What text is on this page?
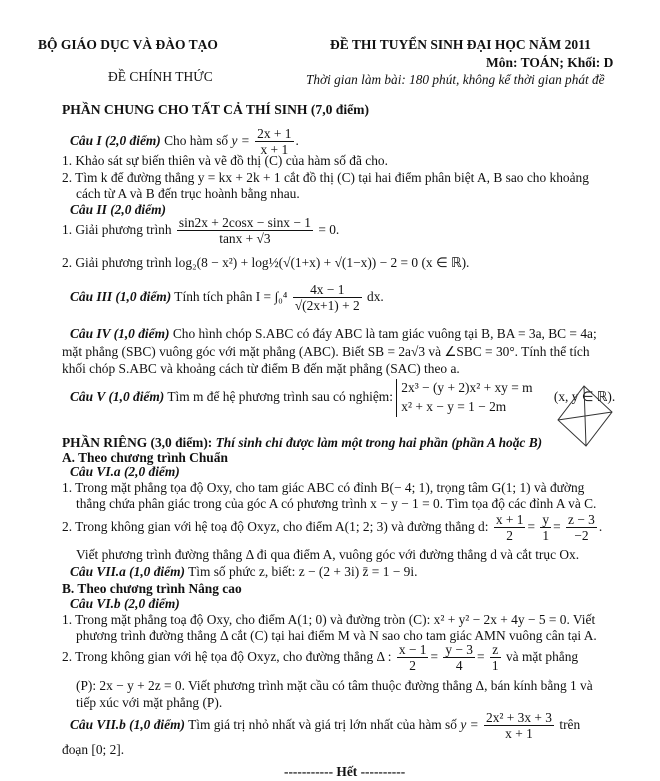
BỘ GIÁO DỤC VÀ ĐÀO TẠO
ĐỀ CHÍNH THỨC
ĐỀ THI TUYỂN SINH ĐẠI HỌC NĂM 2011
Môn: TOÁN; Khối: D
Thời gian làm bài: 180 phút, không kể thời gian phát đề
PHẦN CHUNG CHO TẤT CẢ THÍ SINH (7,0 điểm)
Câu I (2,0 điểm) Cho hàm số $y = \frac{2x + 1}{x + 1}$ .
1. Khảo sát sự biến thiên và vẽ đồ thị (C) của hàm số đã cho.
2. Tìm k để đường thẳng y = kx + 2k + 1 cắt đồ thị (C) tại hai điểm phân biệt A, B sao cho khoảng
cách từ A và B đến trục hoành bằng nhau.
Câu II (2,0 điểm)
1. Giải phương trình $\frac{\sin 2x + 2\cos x - \sin x - 1}{\tan x + √3} = 0$.
2. Giải phương trình log₂(8 − x²) + log½(√(1+x) + √(1−x)) − 2 = 0 (x ∈ ℝ).
Câu III (1,0 điểm) Tính tích phân $I = \int_0^4 \frac{4x - 1}{√(2x+1) + 2}$ dx.
Câu IV (1,0 điểm) Cho hình chóp S.ABC có đáy ABC là tam giác vuông tại B, BA = 3a, BC = 4a;
mặt phẳng (SBC) vuông góc với mặt phẳng (ABC). Biết SB = 2a√3 và ∠SBC = 30°. Tính thể tích
khối chóp S.ABC và khoảng cách từ điểm B đến mặt phẳng (SAC) theo a.
Câu V (1,0 điểm) Tìm m để hệ phương trình sau có nghiệm:
2x³ − (y + 2)x² + xy = m
x² + x − y = 1 − 2m
(x, y ∈ ℝ).
PHẦN RIÊNG (3,0 điểm): Thí sinh chỉ được làm một trong hai phần (phần A hoặc B)
A. Theo chương trình Chuẩn
Câu VI.a (2,0 điểm)
1. Trong mặt phẳng tọa độ Oxy, cho tam giác ABC có đỉnh B(− 4; 1), trọng tâm G(1; 1) và đường
thẳng chứa phân giác trong của góc A có phương trình x − y − 1 = 0. Tìm tọa độ các đỉnh A và C.
2. Trong không gian với hệ toạ độ Oxyz, cho điểm A(1; 2; 3) và đường thẳng d: $\frac{x + 1}{2} = \frac{y}{1} = \frac{z - 3}{-2}$ .
Viết phương trình đường thẳng Δ đi qua điểm A, vuông góc với đường thẳng d và cắt trục Ox.
Câu VII.a (1,0 điểm) Tìm số phức z, biết: z − (2 + 3i) z̄ = 1 − 9i.
B. Theo chương trình Nâng cao
Câu VI.b (2,0 điểm)
1. Trong mặt phẳng toạ độ Oxy, cho điểm A(1; 0) và đường tròn (C): x² + y² − 2x + 4y − 5 = 0. Viết
phương trình đường thẳng Δ cắt (C) tại hai điểm M và N sao cho tam giác AMN vuông cân tại A.
2. Trong không gian với hệ tọa độ Oxyz, cho đường thẳng Δ : $\frac{x - 1}{2} = \frac{y - 3}{4} = \frac{z}{1}$ và mặt phẳng
(P): 2x − y + 2z = 0. Viết phương trình mặt cầu có tâm thuộc đường thẳng Δ, bán kính bằng 1 và
tiếp xúc với mặt phẳng (P).
Câu VII.b (1,0 điểm) Tìm giá trị nhỏ nhất và giá trị lớn nhất của hàm số $y = \frac{\text{2x² + 3x + 3}}{x + 1}$ trên
đoạn [0; 2].
----------- Hết ----------
